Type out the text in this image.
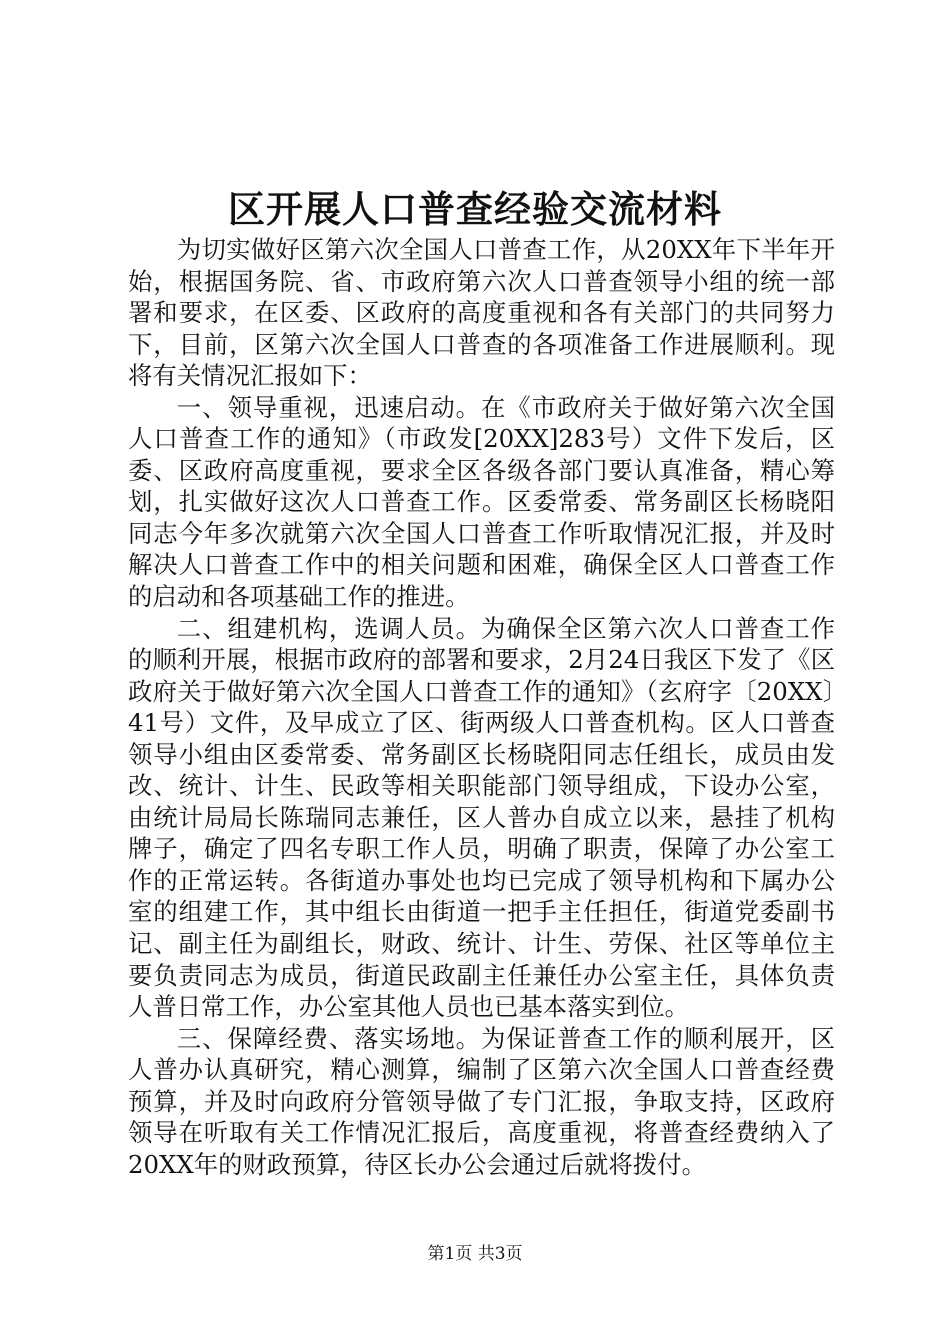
区开展人口普查经验交流材料

为切实做好区第六次全国人口普查工作，从20XX年下半年开始，根据国务院、省、市政府第六次人口普查领导小组的统一部署和要求，在区委、区政府的高度重视和各有关部门的共同努力下，目前，区第六次全国人口普查的各项准备工作进展顺利。现将有关情况汇报如下：

一、领导重视，迅速启动。在《市政府关于做好第六次全国人口普查工作的通知》（市政发[20XX]283号）文件下发后，区委、区政府高度重视，要求全区各级各部门要认真准备，精心筹划，扎实做好这次人口普查工作。区委常委、常务副区长杨晓阳同志今年多次就第六次全国人口普查工作听取情况汇报，并及时解决人口普查工作中的相关问题和困难，确保全区人口普查工作的启动和各项基础工作的推进。

二、组建机构，选调人员。为确保全区第六次人口普查工作的顺利开展，根据市政府的部署和要求，2月24日我区下发了《区政府关于做好第六次全国人口普查工作的通知》（玄府字〔20XX〕41号）文件，及早成立了区、街两级人口普查机构。区人口普查领导小组由区委常委、常务副区长杨晓阳同志任组长，成员由发改、统计、计生、民政等相关职能部门领导组成，下设办公室，由统计局局长陈瑞同志兼任，区人普办自成立以来，悬挂了机构牌子，确定了四名专职工作人员，明确了职责，保障了办公室工作的正常运转。各街道办事处也均已完成了领导机构和下属办公室的组建工作，其中组长由街道一把手主任担任，街道党委副书记、副主任为副组长，财政、统计、计生、劳保、社区等单位主要负责同志为成员，街道民政副主任兼任办公室主任，具体负责人普日常工作，办公室其他人员也已基本落实到位。

三、保障经费、落实场地。为保证普查工作的顺利展开，区人普办认真研究，精心测算，编制了区第六次全国人口普查经费预算，并及时向政府分管领导做了专门汇报，争取支持，区政府领导在听取有关工作情况汇报后，高度重视，将普查经费纳入了20XX年的财政预算，待区长办公会通过后就将拨付。

第1页 共3页
